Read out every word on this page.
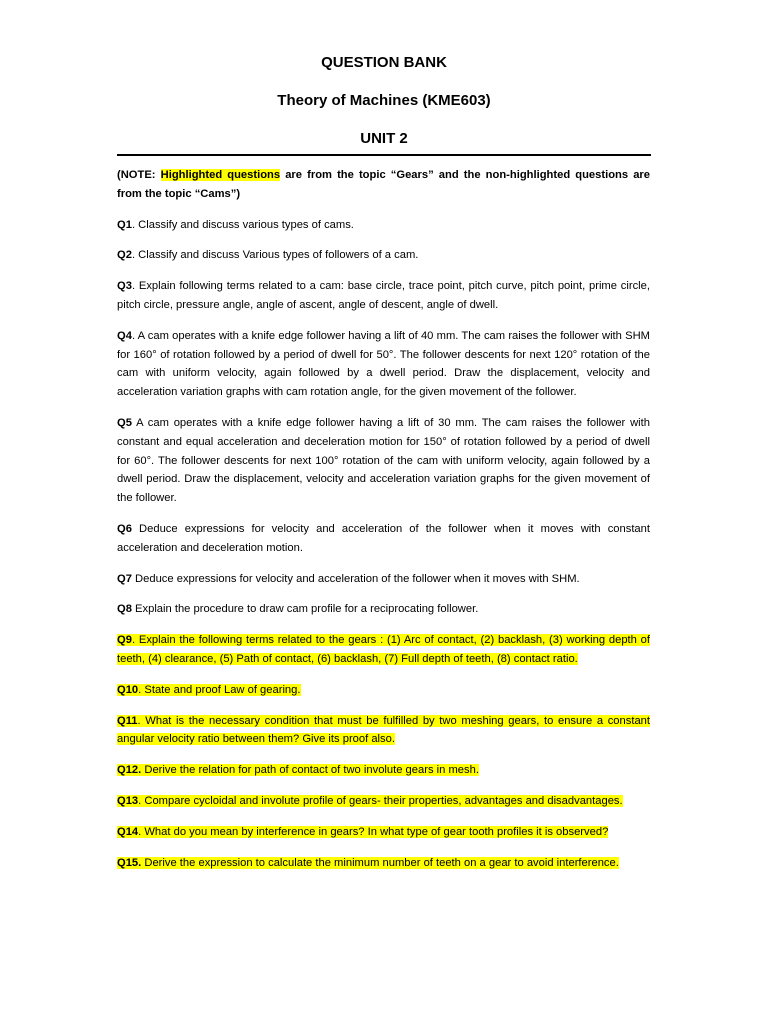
QUESTION BANK
Theory of Machines (KME603)
UNIT 2

(NOTE: Highlighted questions are from the topic “Gears” and the non-highlighted questions are from the topic “Cams”)

Q1. Classify and discuss various types of cams.

Q2. Classify and discuss Various types of followers of a cam.

Q3. Explain following terms related to a cam: base circle, trace point, pitch curve, pitch point, prime circle, pitch circle, pressure angle, angle of ascent, angle of descent, angle of dwell.

Q4. A cam operates with a knife edge follower having a lift of 40 mm. The cam raises the follower with SHM for 160° of rotation followed by a period of dwell for 50°. The follower descents for next 120° rotation of the cam with uniform velocity, again followed by a dwell period. Draw the displacement, velocity and acceleration variation graphs with cam rotation angle, for the given movement of the follower.

Q5 A cam operates with a knife edge follower having a lift of 30 mm. The cam raises the follower with constant and equal acceleration and deceleration motion for 150° of rotation followed by a period of dwell for 60°. The follower descents for next 100° rotation of the cam with uniform velocity, again followed by a dwell period. Draw the displacement, velocity and acceleration variation graphs for the given movement of the follower.

Q6 Deduce expressions for velocity and acceleration of the follower when it moves with constant acceleration and deceleration motion.

Q7 Deduce expressions for velocity and acceleration of the follower when it moves with SHM.

Q8 Explain the procedure to draw cam profile for a reciprocating follower.

Q9. Explain the following terms related to the gears : (1) Arc of contact, (2) backlash, (3) working depth of teeth, (4) clearance, (5) Path of contact, (6) backlash, (7) Full depth of teeth, (8) contact ratio.

Q10. State and proof Law of gearing.

Q11. What is the necessary condition that must be fulfilled by two meshing gears, to ensure a constant angular velocity ratio between them? Give its proof also.

Q12. Derive the relation for path of contact of two involute gears in mesh.

Q13. Compare cycloidal and involute profile of gears- their properties, advantages and disadvantages.

Q14. What do you mean by interference in gears? In what type of gear tooth profiles it is observed?

Q15. Derive the expression to calculate the minimum number of teeth on a gear to avoid interference.
